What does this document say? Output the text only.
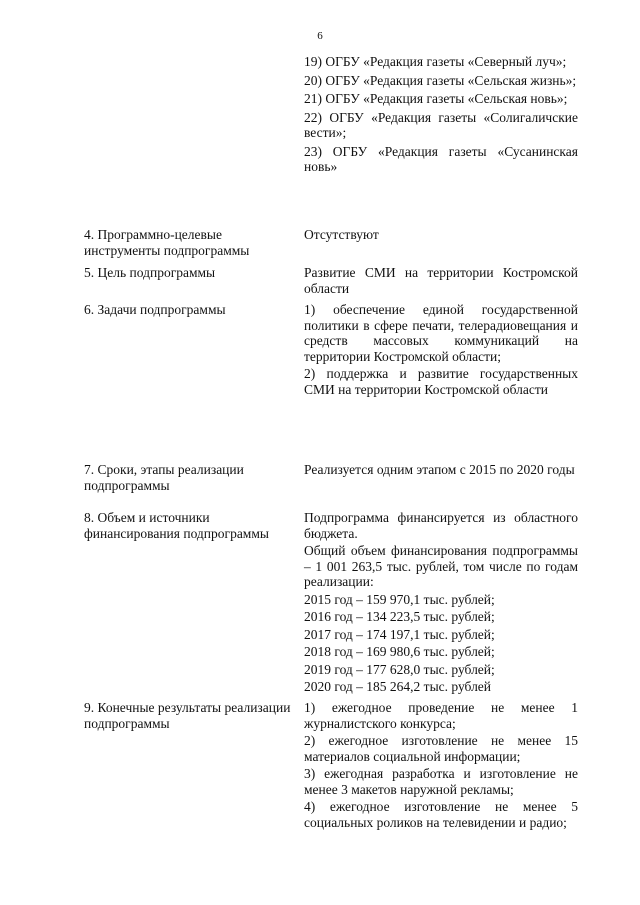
6
19) ОГБУ «Редакция газеты «Северный луч»;
20) ОГБУ «Редакция газеты «Сельская жизнь»;
21) ОГБУ «Редакция газеты «Сельская новь»;
22) ОГБУ «Редакция газеты «Солигаличские вести»;
23) ОГБУ «Редакция газеты «Сусанинская новь»
4. Программно-целевые инструменты подпрограммы
Отсутствуют
5. Цель подпрограммы	Развитие СМИ на территории Костромской области
6. Задачи подпрограммы	1) обеспечение единой государственной политики в сфере печати, телерадиовещания и средств массовых коммуникаций на территории Костромской области;
2) поддержка и развитие государственных СМИ на территории Костромской области
7. Сроки, этапы реализации подпрограммы
Реализуется одним этапом с 2015 по 2020 годы
8. Объем и источники финансирования подпрограммы
Подпрограмма финансируется из областного бюджета.
Общий объем финансирования подпрограммы – 1 001 263,5 тыс. рублей, том числе по годам реализации:
2015 год – 159 970,1 тыс. рублей;
2016 год – 134 223,5 тыс. рублей;
2017 год – 174 197,1 тыс. рублей;
2018 год – 169 980,6 тыс. рублей;
2019 год – 177 628,0 тыс. рублей;
2020 год – 185 264,2 тыс. рублей
9. Конечные результаты реализации подпрограммы
1) ежегодное проведение не менее 1 журналистского конкурса;
2) ежегодное изготовление не менее 15 материалов социальной информации;
3) ежегодная разработка и изготовление не менее 3 макетов наружной рекламы;
4) ежегодное изготовление не менее 5 социальных роликов на телевидении и радио;
